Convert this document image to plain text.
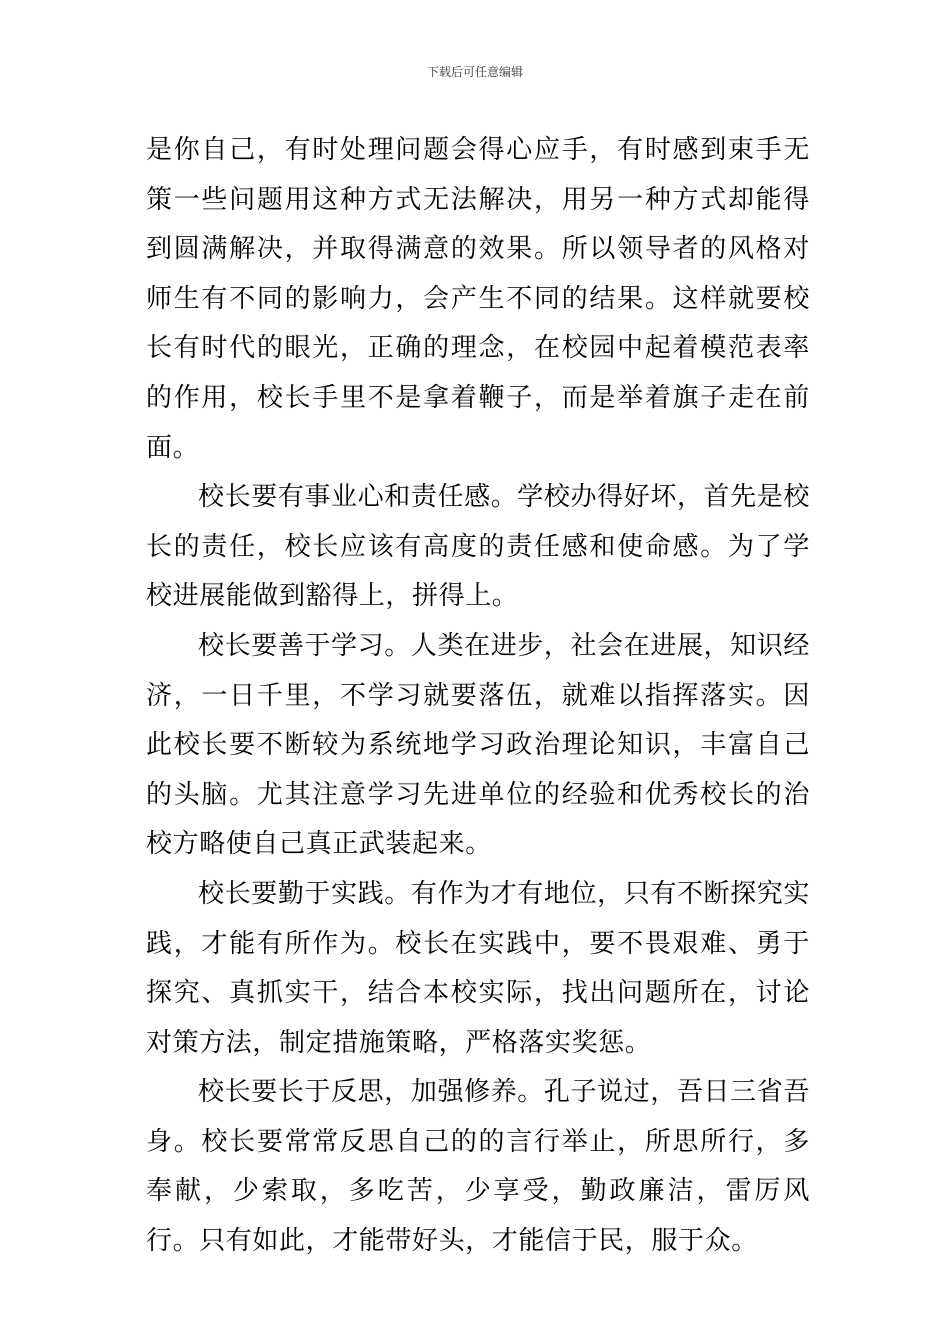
下载后可任意编辑

是你自己，有时处理问题会得心应手，有时感到束手无策一些问题用这种方式无法解决，用另一种方式却能得到圆满解决，并取得满意的效果。所以领导者的风格对师生有不同的影响力，会产生不同的结果。这样就要校长有时代的眼光，正确的理念，在校园中起着模范表率的作用，校长手里不是拿着鞭子，而是举着旗子走在前面。

校长要有事业心和责任感。学校办得好坏，首先是校长的责任，校长应该有高度的责任感和使命感。为了学校进展能做到豁得上，拼得上。

校长要善于学习。人类在进步，社会在进展，知识经济，一日千里，不学习就要落伍，就难以指挥落实。因此校长要不断较为系统地学习政治理论知识，丰富自己的头脑。尤其注意学习先进单位的经验和优秀校长的治校方略使自己真正武装起来。

校长要勤于实践。有作为才有地位，只有不断探究实践，才能有所作为。校长在实践中，要不畏艰难、勇于探究、真抓实干，结合本校实际，找出问题所在，讨论对策方法，制定措施策略，严格落实奖惩。

校长要长于反思，加强修养。孔子说过，吾日三省吾身。校长要常常反思自己的的言行举止，所思所行，多奉献，少索取，多吃苦，少享受，勤政廉洁，雷厉风行。只有如此，才能带好头，才能信于民，服于众。
